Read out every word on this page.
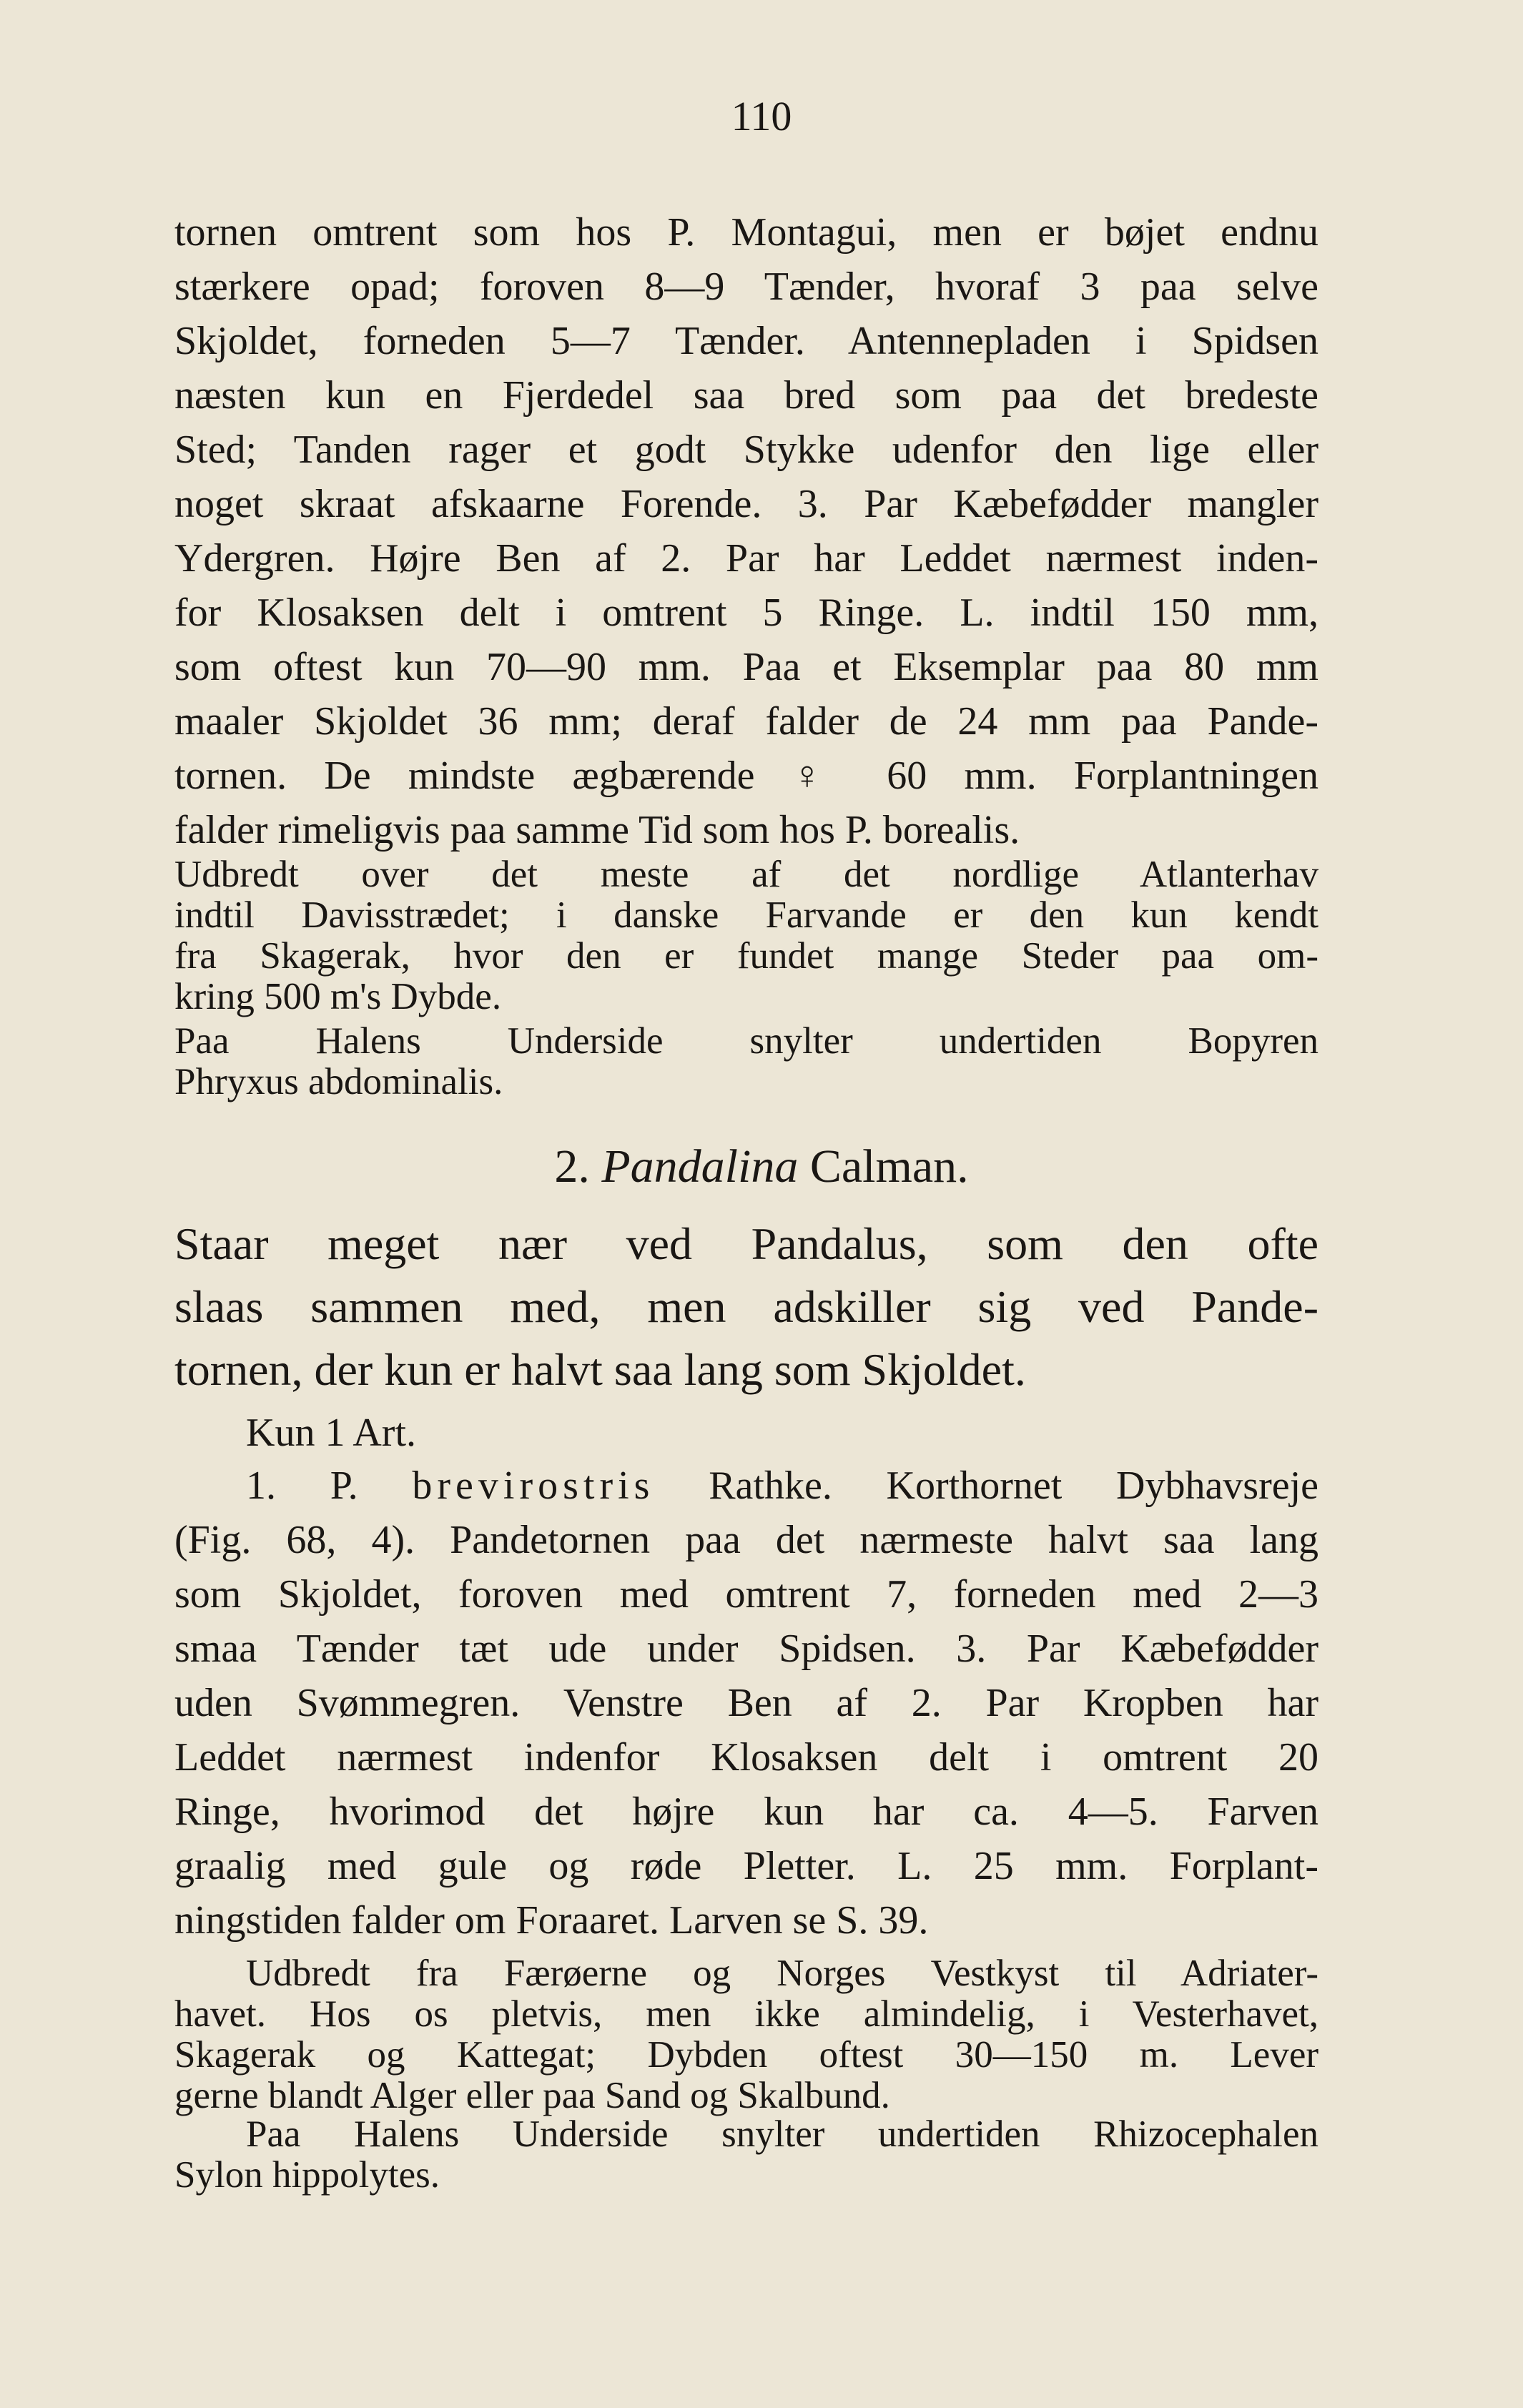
110
tornen omtrent som hos P. Montagui, men er bøjet endnu
stærkere opad; foroven 8—9 Tænder, hvoraf 3 paa selve
Skjoldet, forneden 5—7 Tænder. Antennepladen i Spidsen
næsten kun en Fjerdedel saa bred som paa det bredeste
Sted; Tanden rager et godt Stykke udenfor den lige eller
noget skraat afskaarne Forende. 3. Par Kæbefødder mangler
Ydergren. Højre Ben af 2. Par har Leddet nærmest inden-
for Klosaksen delt i omtrent 5 Ringe. L. indtil 150 mm,
som oftest kun 70—90 mm. Paa et Eksemplar paa 80 mm
maaler Skjoldet 36 mm; deraf falder de 24 mm paa Pande-
tornen. De mindste ægbærende ♀ 60 mm. Forplantningen
falder rimeligvis paa samme Tid som hos P. borealis.
Udbredt over det meste af det nordlige Atlanterhav
indtil Davisstrædet; i danske Farvande er den kun kendt
fra Skagerak, hvor den er fundet mange Steder paa om-
kring 500 m's Dybde.
Paa Halens Underside snylter undertiden Bopyren
Phryxus abdominalis.
2. Pandalina Calman.
Staar meget nær ved Pandalus, som den ofte
slaas sammen med, men adskiller sig ved Pande-
tornen, der kun er halvt saa lang som Skjoldet.
Kun 1 Art.
1. P. brevirostris Rathke. Korthornet Dybhavsreje
(Fig. 68, 4). Pandetornen paa det nærmeste halvt saa lang
som Skjoldet, foroven med omtrent 7, forneden med 2—3
smaa Tænder tæt ude under Spidsen. 3. Par Kæbefødder
uden Svømmegren. Venstre Ben af 2. Par Kropben har
Leddet nærmest indenfor Klosaksen delt i omtrent 20
Ringe, hvorimod det højre kun har ca. 4—5. Farven
graalig med gule og røde Pletter. L. 25 mm. Forplant-
ningstiden falder om Foraaret. Larven se S. 39.
Udbredt fra Færøerne og Norges Vestkyst til Adriater-
havet. Hos os pletvis, men ikke almindelig, i Vesterhavet,
Skagerak og Kattegat; Dybden oftest 30—150 m. Lever
gerne blandt Alger eller paa Sand og Skalbund.
Paa Halens Underside snylter undertiden Rhizocephalen
Sylon hippolytes.
